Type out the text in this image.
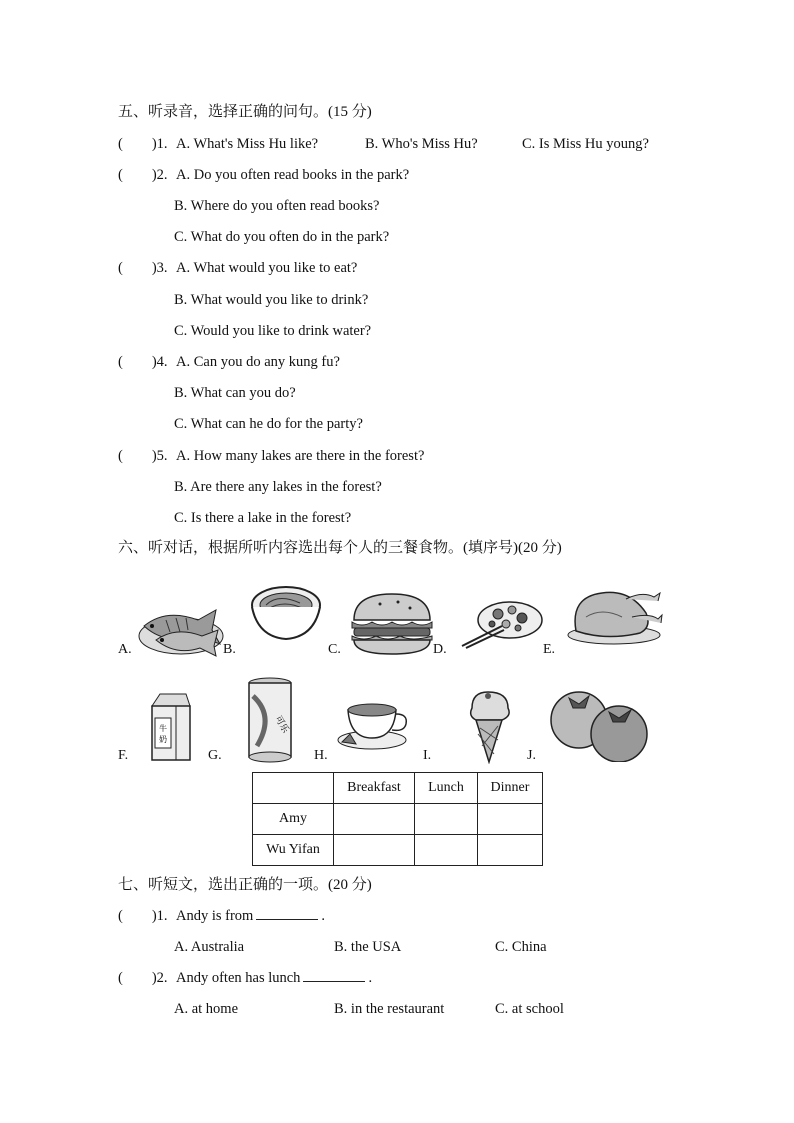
五、听录音，选择正确的问句。(15 分)
(        )1. A. What's Miss Hu like?	B. Who's Miss Hu?	C. Is Miss Hu young?
(        )2. A. Do you often read books in the park?
B. Where do you often read books?
C. What do you often do in the park?
(        )3. A. What would you like to eat?
B. What would you like to drink?
C. Would you like to drink water?
(        )4. A. Can you do any kung fu?
B. What can you do?
C. What can he do for the party?
(        )5. A. How many lakes are there in the forest?
B. Are there any lakes in the forest?
C. Is there a lake in the forest?
六、听对话，根据所听内容选出每个人的三餐食物。(填序号)(20 分)
A.	B.	C.	D.	E.
F.
牛
奶
G.
可乐
H.	I.	J.
	Breakfast	Lunch	Dinner
Amy			
Wu Yifan			
七、听短文，选出正确的一项。(20 分)
(        )1. Andy is from	.
A. Australia	B. the USA	C. China
(        )2. Andy often has lunch	.
A. at home	B. in the restaurant	C. at school
